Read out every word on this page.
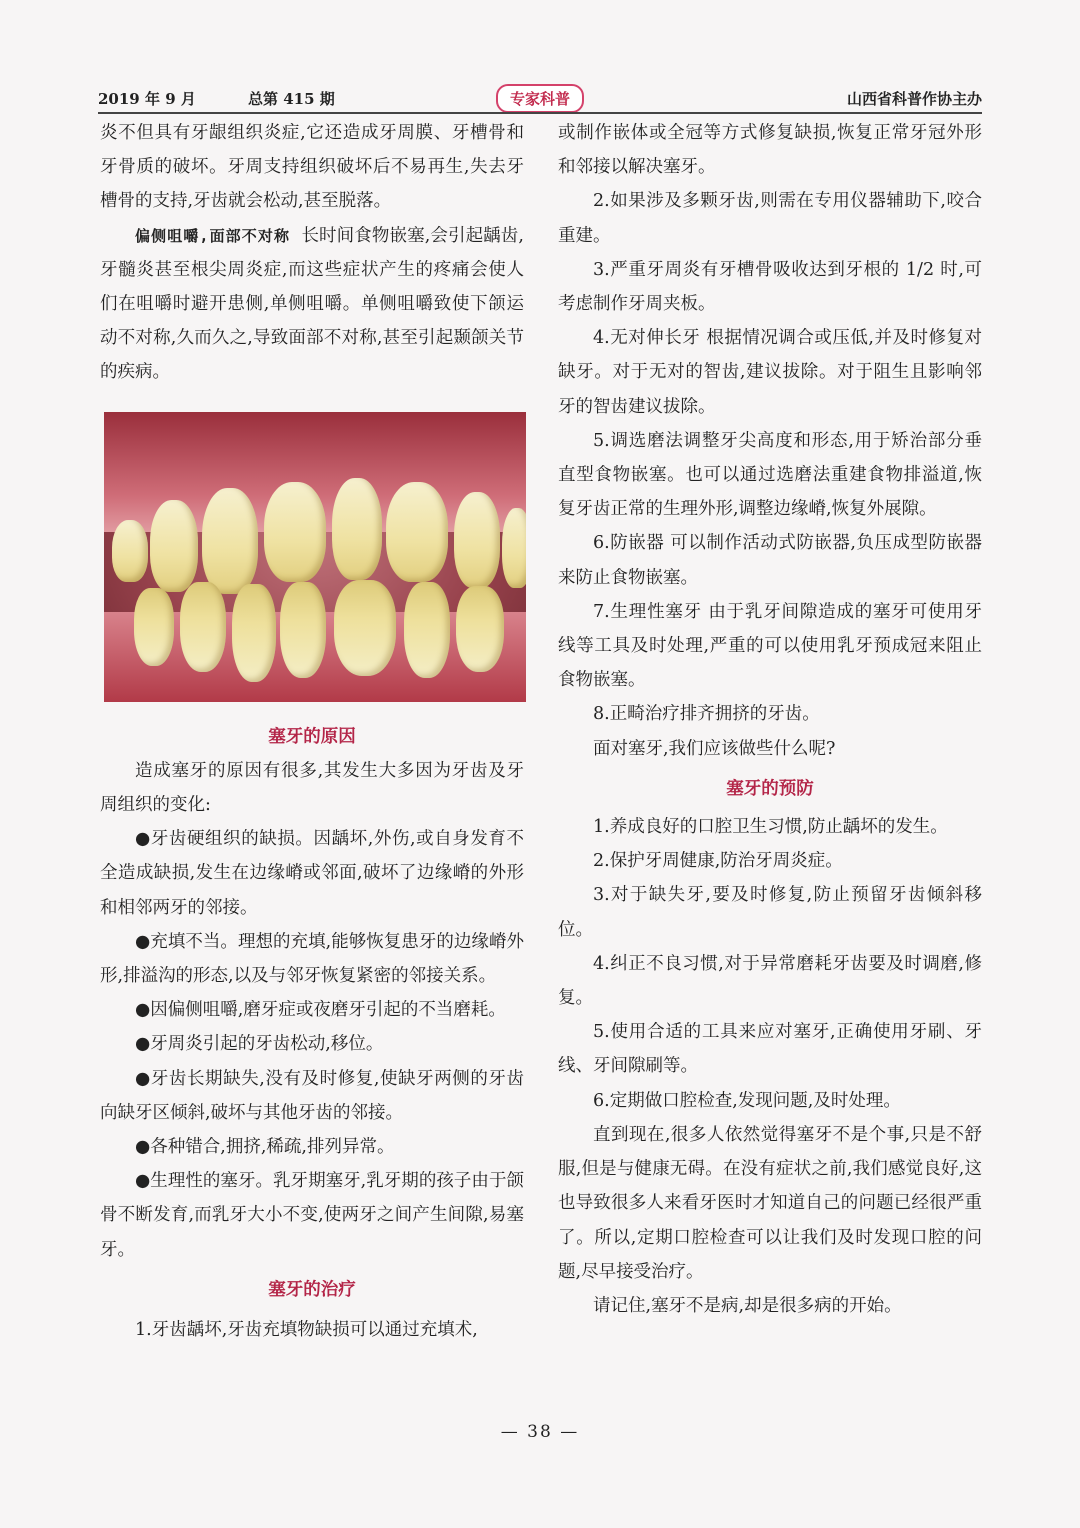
2019 年 9 月	总第 415 期	专家科普	山西省科普作协主办

炎不但具有牙龈组织炎症,它还造成牙周膜、牙槽骨和牙骨质的破坏。牙周支持组织破坏后不易再生,失去牙槽骨的支持,牙齿就会松动,甚至脱落。

偏侧咀嚼,面部不对称 长时间食物嵌塞,会引起龋齿,牙髓炎甚至根尖周炎症,而这些症状产生的疼痛会使人们在咀嚼时避开患侧,单侧咀嚼。单侧咀嚼致使下颌运动不对称,久而久之,导致面部不对称,甚至引起颞颌关节的疾病。

塞牙的原因

造成塞牙的原因有很多,其发生大多因为牙齿及牙周组织的变化:

●牙齿硬组织的缺损。因龋坏,外伤,或自身发育不全造成缺损,发生在边缘嵴或邻面,破坏了边缘嵴的外形和相邻两牙的邻接。

●充填不当。理想的充填,能够恢复患牙的边缘嵴外形,排溢沟的形态,以及与邻牙恢复紧密的邻接关系。

●因偏侧咀嚼,磨牙症或夜磨牙引起的不当磨耗。

●牙周炎引起的牙齿松动,移位。

●牙齿长期缺失,没有及时修复,使缺牙两侧的牙齿向缺牙区倾斜,破坏与其他牙齿的邻接。

●各种错合,拥挤,稀疏,排列异常。

●生理性的塞牙。乳牙期塞牙,乳牙期的孩子由于颌骨不断发育,而乳牙大小不变,使两牙之间产生间隙,易塞牙。

塞牙的治疗

1.牙齿龋坏,牙齿充填物缺损可以通过充填术,

或制作嵌体或全冠等方式修复缺损,恢复正常牙冠外形和邻接以解决塞牙。

2.如果涉及多颗牙齿,则需在专用仪器辅助下,咬合重建。

3.严重牙周炎有牙槽骨吸收达到牙根的 1/2 时,可考虑制作牙周夹板。

4.无对伸长牙 根据情况调合或压低,并及时修复对缺牙。对于无对的智齿,建议拔除。对于阻生且影响邻牙的智齿建议拔除。

5.调选磨法调整牙尖高度和形态,用于矫治部分垂直型食物嵌塞。也可以通过选磨法重建食物排溢道,恢复牙齿正常的生理外形,调整边缘嵴,恢复外展隙。

6.防嵌器 可以制作活动式防嵌器,负压成型防嵌器来防止食物嵌塞。

7.生理性塞牙 由于乳牙间隙造成的塞牙可使用牙线等工具及时处理,严重的可以使用乳牙预成冠来阻止食物嵌塞。

8.正畸治疗排齐拥挤的牙齿。

面对塞牙,我们应该做些什么呢?

塞牙的预防

1.养成良好的口腔卫生习惯,防止龋坏的发生。

2.保护牙周健康,防治牙周炎症。

3.对于缺失牙,要及时修复,防止预留牙齿倾斜移位。

4.纠正不良习惯,对于异常磨耗牙齿要及时调磨,修复。

5.使用合适的工具来应对塞牙,正确使用牙刷、牙线、牙间隙刷等。

6.定期做口腔检查,发现问题,及时处理。

直到现在,很多人依然觉得塞牙不是个事,只是不舒服,但是与健康无碍。在没有症状之前,我们感觉良好,这也导致很多人来看牙医时才知道自己的问题已经很严重了。所以,定期口腔检查可以让我们及时发现口腔的问题,尽早接受治疗。

请记住,塞牙不是病,却是很多病的开始。

— 38 —
